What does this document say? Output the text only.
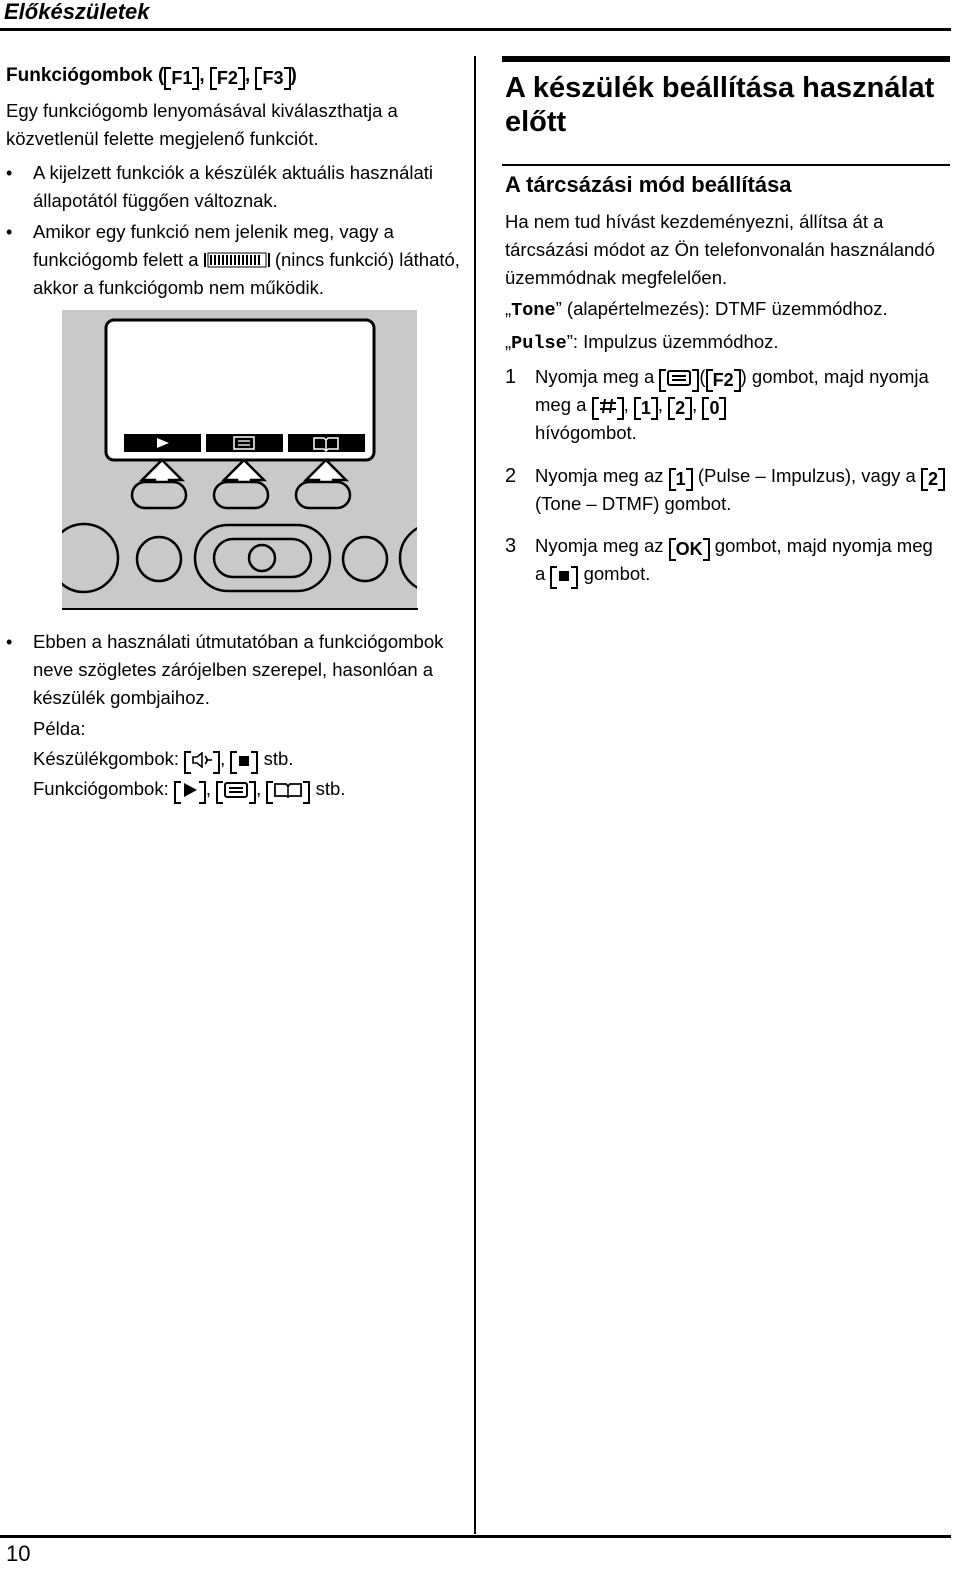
Előkészületek
Funkciógombok ( F1 , F2 , F3 )
Egy funkciógomb lenyomásával kiválaszthatja a közvetlenül felette megjelenő funkciót.
• A kijelzett funkciók a készülék aktuális használati állapotától függően változnak.
• Amikor egy funkció nem jelenik meg, vagy a funkciógomb felett a	(nincs funkció) látható, akkor a funkciógomb nem működik.
• Ebben a használati útmutatóban a funkciógombok neve szögletes zárójelben szerepel, hasonlóan a készülék gombjaihoz.
Példa:
Készülékgombok: , stb.
Funkciógombok: , ,	stb.
A készülék beállítása használat előtt
A tárcsázási mód beállítása
Ha nem tud hívást kezdeményezni, állítsa át a tárcsázási módot az Ön telefonvonalán használandó üzemmódnak megfelelően.
„Tone” (alapértelmezés): DTMF üzemmódhoz.
„Pulse”: Impulzus üzemmódhoz.
1 Nyomja meg a ( F2 ) gombot, majd nyomja meg a , 1 , 2 , 0
hívógombot.
2 Nyomja meg az 1 (Pulse – Impulzus), vagy a 2 (Tone – DTMF) gombot.
3 Nyomja meg az OK gombot, majd nyomja meg a gombot.
10
